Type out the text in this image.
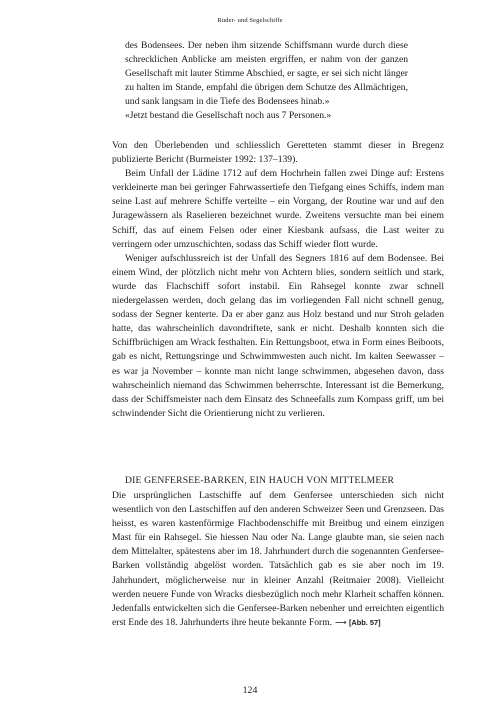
Ruder- und Segelschiffe

des Bodensees. Der neben ihm sitzende Schiffsmann wurde durch diese schrecklichen Anblicke am meisten ergriffen, er nahm von der ganzen Gesellschaft mit lauter Stimme Abschied, er sagte, er sei sich nicht länger zu halten im Stande, empfahl die übrigen dem Schutze des Allmächtigen, und sank langsam in die Tiefe des Bodensees hinab.»

«Jetzt bestand die Gesellschaft noch aus 7 Personen.»

Von den Überlebenden und schliesslich Geretteten stammt dieser in Bregenz publizierte Bericht (Burmeister 1992: 137–139).

Beim Unfall der Lädine 1712 auf dem Hochrhein fallen zwei Dinge auf: Erstens verkleinerte man bei geringer Fahrwassertiefe den Tiefgang eines Schiffs, indem man seine Last auf mehrere Schiffe verteilte – ein Vorgang, der Routine war und auf den Juragewässern als Raselieren bezeichnet wurde. Zweitens versuchte man bei einem Schiff, das auf einem Felsen oder einer Kiesbank aufsass, die Last weiter zu verringern oder umzuschichten, sodass das Schiff wieder flott wurde.

Weniger aufschlussreich ist der Unfall des Segners 1816 auf dem Bodensee. Bei einem Wind, der plötzlich nicht mehr von Achtern blies, sondern seitlich und stark, wurde das Flachschiff sofort instabil. Ein Rahsegel konnte zwar schnell niedergelassen werden, doch gelang das im vorliegenden Fall nicht schnell genug, sodass der Segner kenterte. Da er aber ganz aus Holz bestand und nur Stroh geladen hatte, das wahrscheinlich davondriftete, sank er nicht. Deshalb konnten sich die Schiffbrüchigen am Wrack festhalten. Ein Rettungsboot, etwa in Form eines Beiboots, gab es nicht, Rettungsringe und Schwimmwesten auch nicht. Im kalten Seewasser – es war ja November – konnte man nicht lange schwimmen, abgesehen davon, dass wahrscheinlich niemand das Schwimmen beherrschte. Interessant ist die Bemerkung, dass der Schiffsmeister nach dem Einsatz des Schneefalls zum Kompass griff, um bei schwindender Sicht die Orientierung nicht zu verlieren.

DIE GENFERSEE-BARKEN, EIN HAUCH VON MITTELMEER

Die ursprünglichen Lastschiffe auf dem Genfersee unterschieden sich nicht wesentlich von den Lastschiffen auf den anderen Schweizer Seen und Grenzseen. Das heisst, es waren kastenförmige Flachbodenschiffe mit Breitbug und einem einzigen Mast für ein Rahsegel. Sie hiessen Nau oder Na. Lange glaubte man, sie seien nach dem Mittelalter, spätestens aber im 18. Jahrhundert durch die sogenannten Genfersee-Barken vollständig abgelöst worden. Tatsächlich gab es sie aber noch im 19. Jahrhundert, möglicherweise nur in kleiner Anzahl (Reitmaier 2008). Vielleicht werden neuere Funde von Wracks diesbezüglich noch mehr Klarheit schaffen können. Jedenfalls entwickelten sich die Genfersee-Barken nebenher und erreichten eigentlich erst Ende des 18. Jahrhunderts ihre heute bekannte Form. ⟶ [Abb. 57]

124
